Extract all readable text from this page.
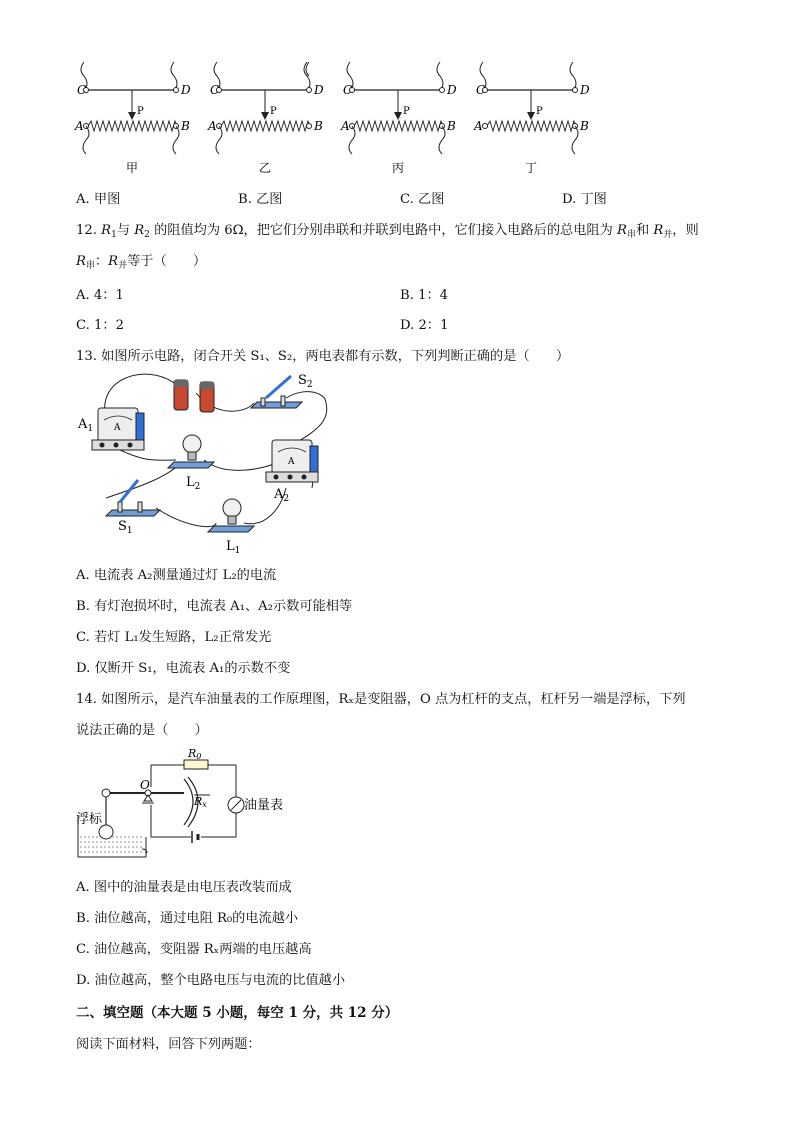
C	D
A	B
P
C	D
A	B
P
C	D
A	B
P
C	D
A	B
P
甲	乙	丙	丁
A. 甲图	B. 乙图	C. 乙图	D. 丁图
12. $R_1$与 $R_2$ 的阻值均为 6Ω，把它们分别串联和并联到电路中，它们接入电路后的总电阻为 $R_串$和 $R_并$，则
$R_串$：$R_并$等于（　　）
A. 4：1	B. 1：4
C. 1：2	D. 2：1
13. 如图所示电路，闭合开关 S₁、S₂，两电表都有示数，下列判断正确的是（　　）
$S_2$
A
$A_1$
$L_2$
A
$A_2$
$S_1$
$L_1$
A. 电流表 A₂测量通过灯 L₂的电流
B. 有灯泡损坏时，电流表 A₁、A₂示数可能相等
C. 若灯 L₁发生短路，L₂正常发光
D. 仅断开 S₁，电流表 A₁的示数不变
14. 如图所示，是汽车油量表的工作原理图，Rₓ是变阻器，O 点为杠杆的支点，杠杆另一端是浮标，下列
说法正确的是（　　）
R0
O
Rx	油量表
浮标
A. 图中的油量表是由电压表改装而成
B. 油位越高，通过电阻 R₀的电流越小
C. 油位越高，变阻器 Rₓ两端的电压越高
D. 油位越高，整个电路电压与电流的比值越小
二、填空题（本大题 5 小题，每空 1 分，共 12 分）
阅读下面材料，回答下列两题：
